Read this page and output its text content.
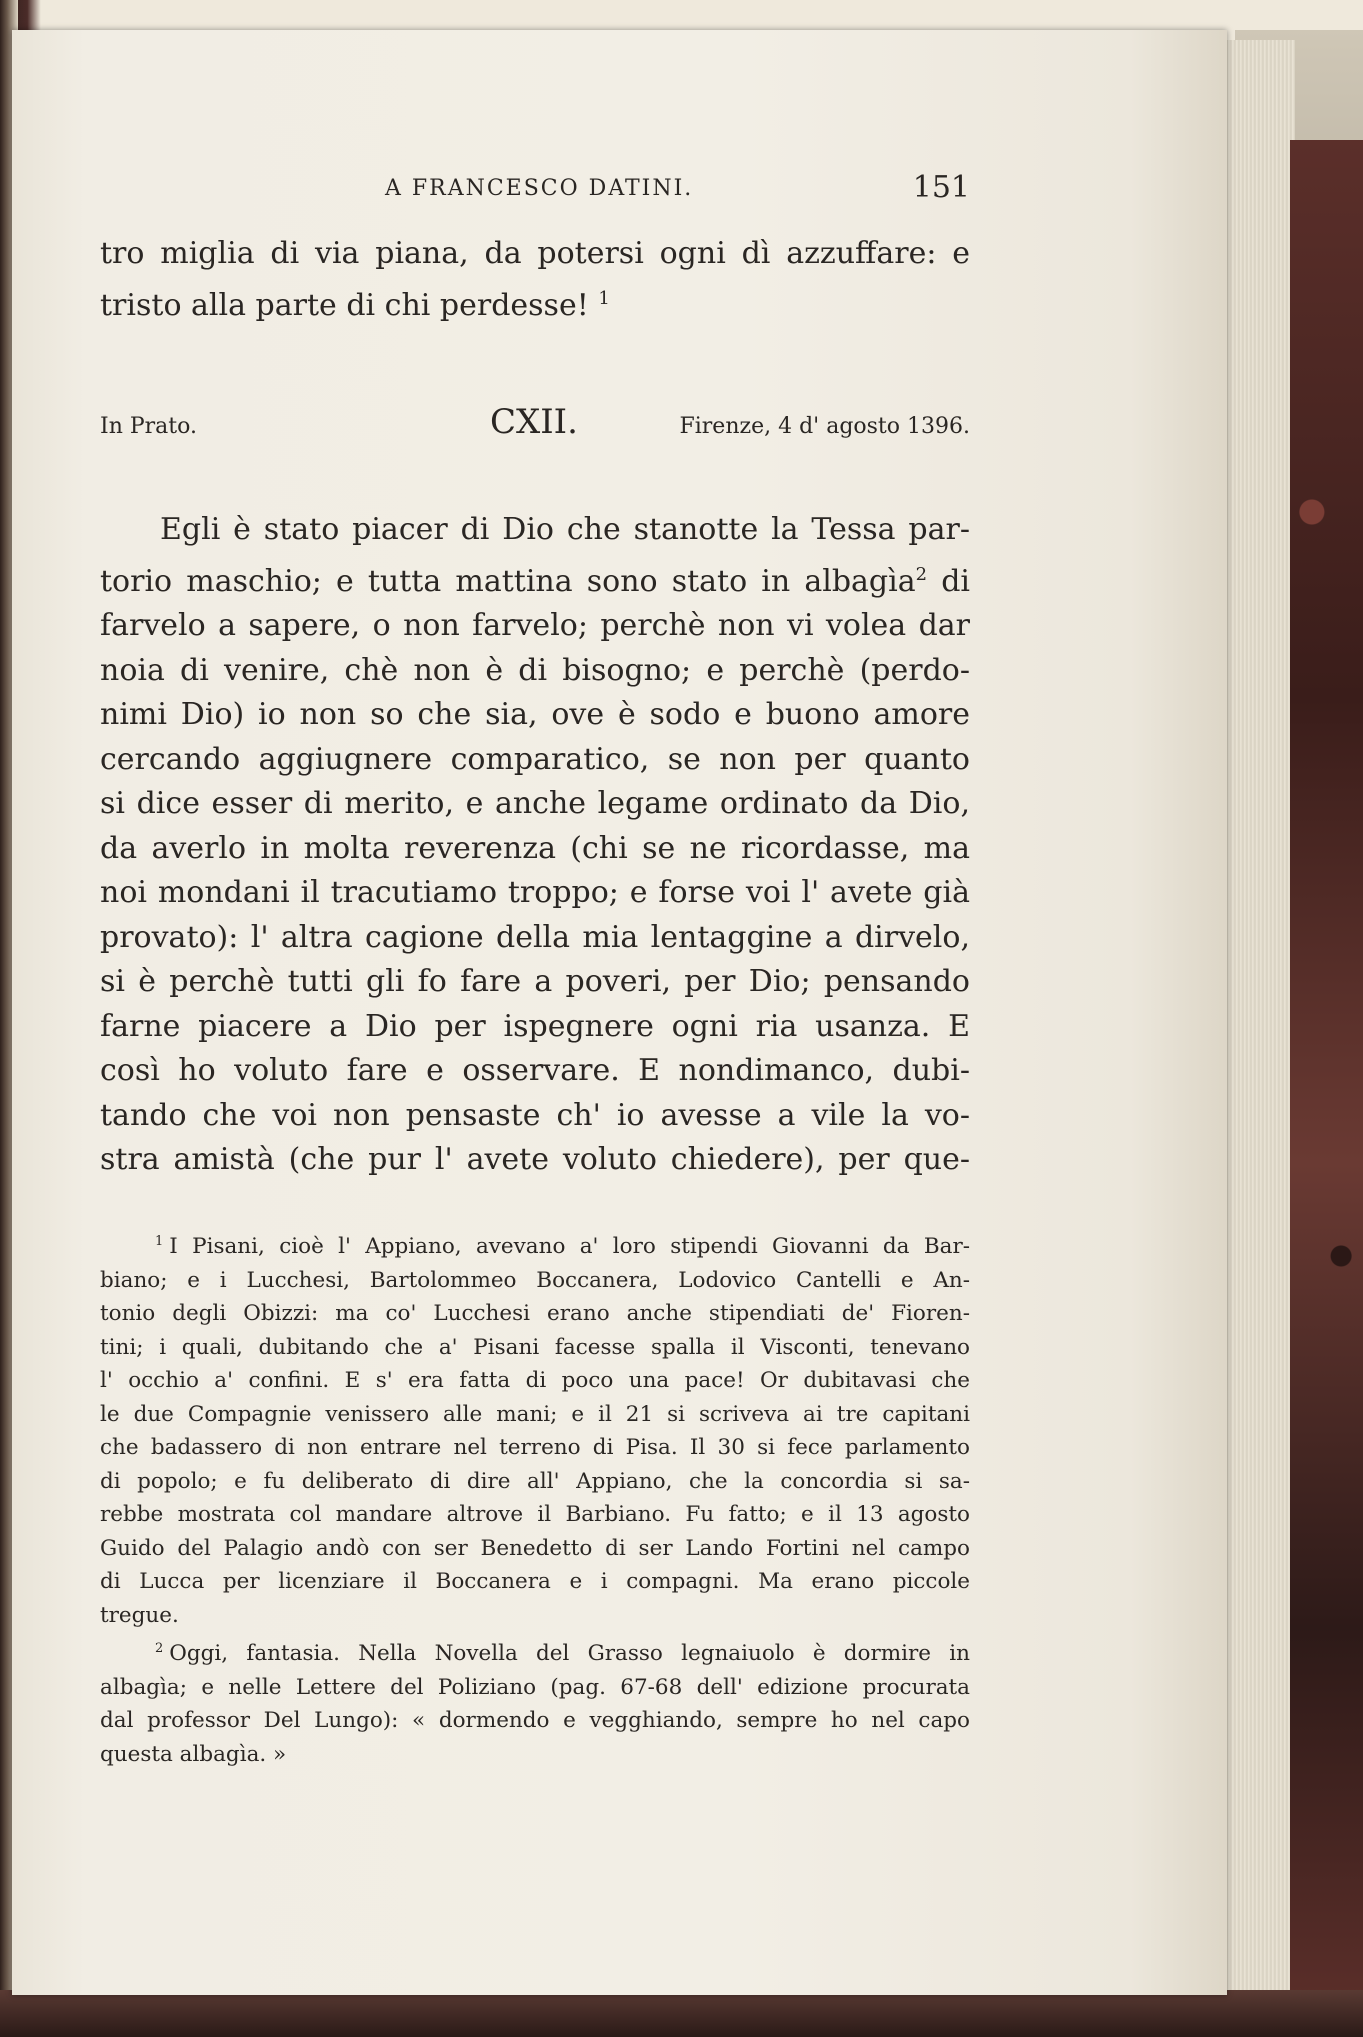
A FRANCESCO DATINI.	151
tro miglia di via piana, da potersi ogni dì azzuffare: e
tristo alla parte di chi perdesse! $^1$
In Prato.	CXII.	Firenze, 4 d' agosto 1396.
Egli è stato piacer di Dio che stanotte la Tessa par-
torio maschio; e tutta mattina sono stato in albagìa$^2$ di
farvelo a sapere, o non farvelo; perchè non vi volea dar
noia di venire, chè non è di bisogno; e perchè (perdo-
nimi Dio) io non so che sia, ove è sodo e buono amore
cercando aggiugnere comparatico, se non per quanto
si dice esser di merito, e anche legame ordinato da Dio,
da averlo in molta reverenza (chi se ne ricordasse, ma
noi mondani il tracutiamo troppo; e forse voi l' avete già
provato): l' altra cagione della mia lentaggine a dirvelo,
si è perchè tutti gli fo fare a poveri, per Dio; pensando
farne piacere a Dio per ispegnere ogni ria usanza. E
così ho voluto fare e osservare. E nondimanco, dubi-
tando che voi non pensaste ch' io avesse a vile la vo-
stra amistà (che pur l' avete voluto chiedere), per que-
$^1$ I Pisani, cioè l' Appiano, avevano a' loro stipendi Giovanni da Bar-
biano; e i Lucchesi, Bartolommeo Boccanera, Lodovico Cantelli e An-
tonio degli Obizzi: ma co' Lucchesi erano anche stipendiati de' Fioren-
tini; i quali, dubitando che a' Pisani facesse spalla il Visconti, tenevano
l' occhio a' confini. E s' era fatta di poco una pace! Or dubitavasi che
le due Compagnie venissero alle mani; e il 21 si scriveva ai tre capitani
che badassero di non entrare nel terreno di Pisa. Il 30 si fece parlamento
di popolo; e fu deliberato di dire all' Appiano, che la concordia si sa-
rebbe mostrata col mandare altrove il Barbiano. Fu fatto; e il 13 agosto
Guido del Palagio andò con ser Benedetto di ser Lando Fortini nel campo
di Lucca per licenziare il Boccanera e i compagni. Ma erano piccole
tregue.
$^2$ Oggi, fantasia. Nella Novella del Grasso legnaiuolo è dormire in
albagìa; e nelle Lettere del Poliziano (pag. 67-68 dell' edizione procurata
dal professor Del Lungo): « dormendo e vegghiando, sempre ho nel capo
questa albagìa. »
